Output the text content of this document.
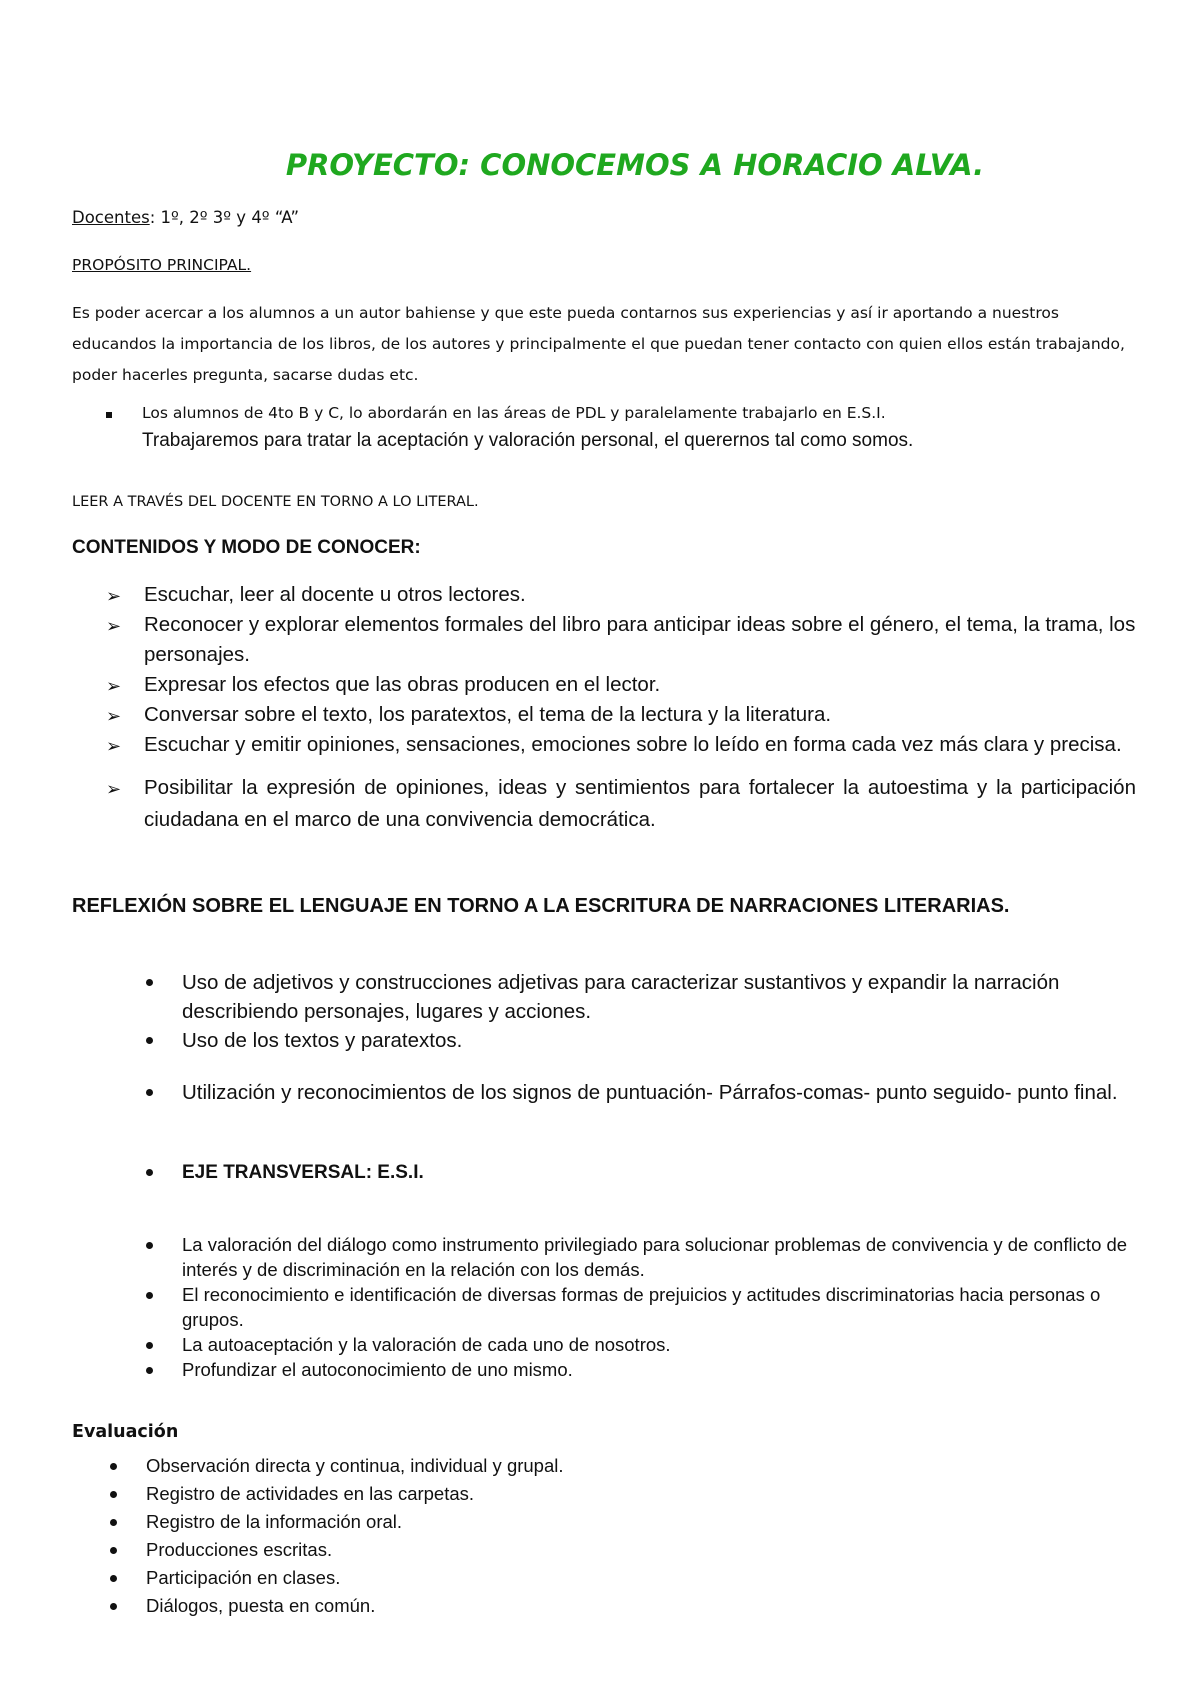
PROYECTO: CONOCEMOS A HORACIO ALVA.
Docentes: 1º, 2º 3º y 4º “A”
PROPÓSITO PRINCIPAL.
Es poder acercar a los alumnos a un autor bahiense y que este pueda contarnos sus experiencias y así ir aportando a nuestros educandos la importancia de los libros, de los autores y principalmente el que puedan tener contacto con quien ellos están trabajando, poder hacerles pregunta, sacarse dudas etc.
Los alumnos de 4to B y C, lo abordarán en las áreas de PDL y paralelamente trabajarlo en E.S.I.
Trabajaremos para tratar la aceptación y valoración personal, el querernos tal como somos.
LEER A TRAVÉS DEL DOCENTE EN TORNO A LO LITERAL.
CONTENIDOS Y MODO DE CONOCER:
➢ Escuchar, leer al docente u otros lectores.
➢ Reconocer y explorar elementos formales del libro para anticipar ideas sobre el género, el tema, la trama, los personajes.
➢ Expresar los efectos que las obras producen en el lector.
➢ Conversar sobre el texto, los paratextos, el tema de la lectura y la literatura.
➢ Escuchar y emitir opiniones, sensaciones, emociones sobre lo leído en forma cada vez más clara y precisa.
➢ Posibilitar la expresión de opiniones, ideas y sentimientos para fortalecer la autoestima y la participación ciudadana en el marco de una convivencia democrática.
REFLEXIÓN SOBRE EL LENGUAJE EN TORNO A LA ESCRITURA DE NARRACIONES LITERARIAS.
Uso de adjetivos y construcciones adjetivas para caracterizar sustantivos y expandir la narración describiendo personajes, lugares y acciones.
Uso de los textos y paratextos.
Utilización y reconocimientos de los signos de puntuación- Párrafos-comas- punto seguido- punto final.
EJE TRANSVERSAL: E.S.I.
La valoración del diálogo como instrumento privilegiado para solucionar problemas de convivencia y de conflicto de interés y de discriminación en la relación con los demás.
El reconocimiento e identificación de diversas formas de prejuicios y actitudes discriminatorias hacia personas o grupos.
La autoaceptación y la valoración de cada uno de nosotros.
Profundizar el autoconocimiento de uno mismo.
Evaluación
Observación directa y continua, individual y grupal.
Registro de actividades en las carpetas.
Registro de la información oral.
Producciones escritas.
Participación en clases.
Diálogos, puesta en común.
